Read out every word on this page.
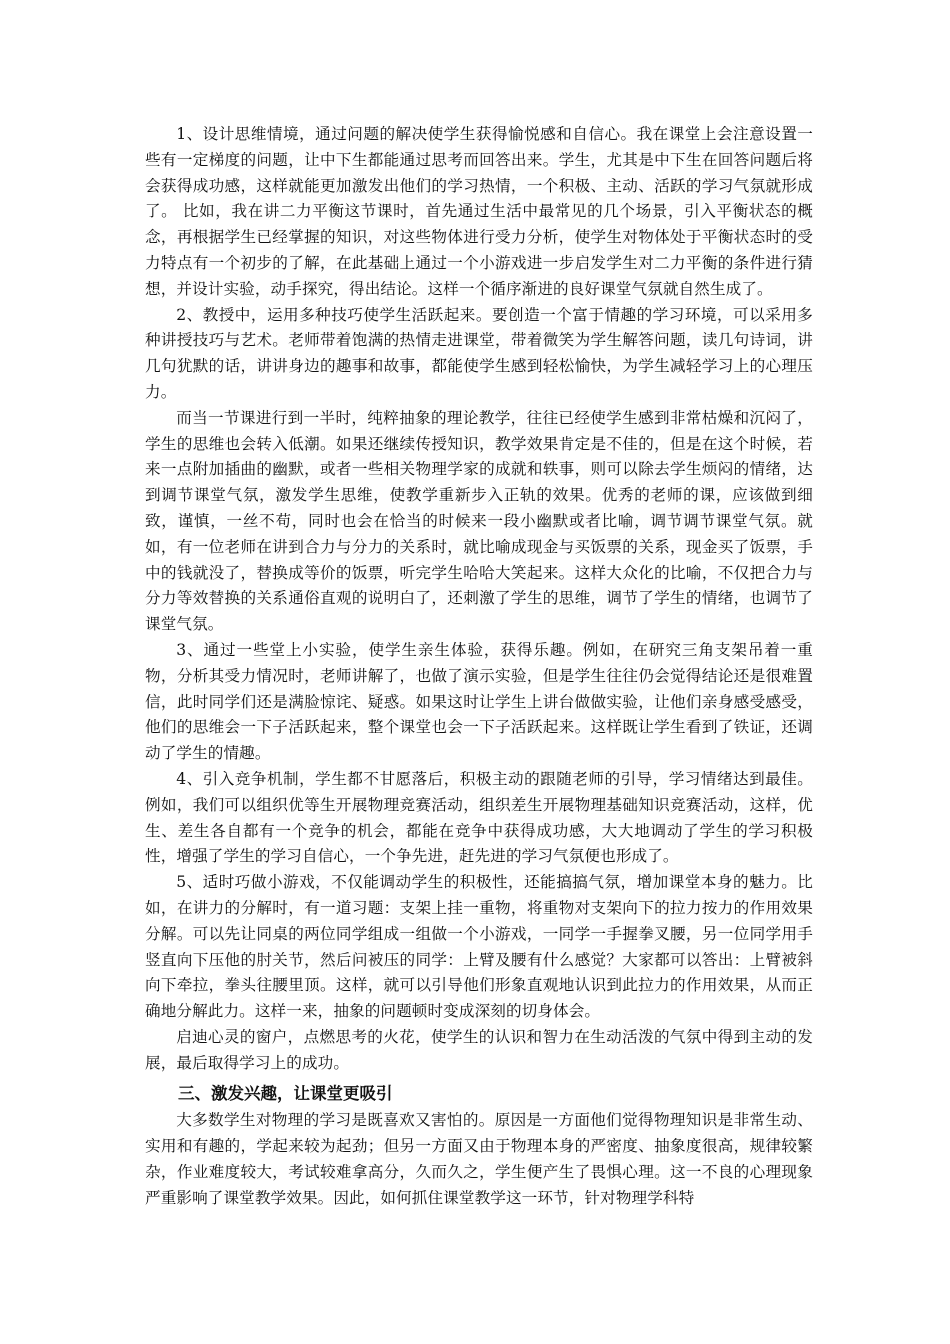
1、设计思维情境，通过问题的解决使学生获得愉悦感和自信心。我在课堂上会注意设置一些有一定梯度的问题，让中下生都能通过思考而回答出来。学生，尤其是中下生在回答问题后将会获得成功感，这样就能更加激发出他们的学习热情，一个积极、主动、活跃的学习气氛就形成了。 比如，我在讲二力平衡这节课时，首先通过生活中最常见的几个场景，引入平衡状态的概念，再根据学生已经掌握的知识，对这些物体进行受力分析，使学生对物体处于平衡状态时的受力特点有一个初步的了解，在此基础上通过一个小游戏进一步启发学生对二力平衡的条件进行猜想，并设计实验，动手探究，得出结论。这样一个循序渐进的良好课堂气氛就自然生成了。

2、教授中，运用多种技巧使学生活跃起来。要创造一个富于情趣的学习环境，可以采用多种讲授技巧与艺术。老师带着饱满的热情走进课堂，带着微笑为学生解答问题，读几句诗词，讲几句犹默的话，讲讲身边的趣事和故事，都能使学生感到轻松愉快，为学生减轻学习上的心理压力。

而当一节课进行到一半时，纯粹抽象的理论教学，往往已经使学生感到非常枯燥和沉闷了，学生的思维也会转入低潮。如果还继续传授知识，教学效果肯定是不佳的，但是在这个时候，若来一点附加插曲的幽默，或者一些相关物理学家的成就和轶事，则可以除去学生烦闷的情绪，达到调节课堂气氛，激发学生思维，使教学重新步入正轨的效果。优秀的老师的课，应该做到细致，谨慎，一丝不苟，同时也会在恰当的时候来一段小幽默或者比喻，调节调节课堂气氛。就如，有一位老师在讲到合力与分力的关系时，就比喻成现金与买饭票的关系，现金买了饭票，手中的钱就没了，替换成等价的饭票，听完学生哈哈大笑起来。这样大众化的比喻，不仅把合力与分力等效替换的关系通俗直观的说明白了，还刺激了学生的思维，调节了学生的情绪，也调节了课堂气氛。

3、通过一些堂上小实验，使学生亲生体验，获得乐趣。例如，在研究三角支架吊着一重物，分析其受力情况时，老师讲解了，也做了演示实验，但是学生往往仍会觉得结论还是很难置信，此时同学们还是满脸惊诧、疑惑。如果这时让学生上讲台做做实验，让他们亲身感受感受，他们的思维会一下子活跃起来，整个课堂也会一下子活跃起来。这样既让学生看到了铁证，还调动了学生的情趣。

4、引入竞争机制，学生都不甘愿落后，积极主动的跟随老师的引导，学习情绪达到最佳。例如，我们可以组织优等生开展物理竞赛活动，组织差生开展物理基础知识竞赛活动，这样，优生、差生各自都有一个竞争的机会，都能在竞争中获得成功感，大大地调动了学生的学习积极性，增强了学生的学习自信心，一个争先进，赶先进的学习气氛便也形成了。

5、适时巧做小游戏，不仅能调动学生的积极性，还能搞搞气氛，增加课堂本身的魅力。比如，在讲力的分解时，有一道习题：支架上挂一重物，将重物对支架向下的拉力按力的作用效果分解。可以先让同桌的两位同学组成一组做一个小游戏，一同学一手握拳叉腰，另一位同学用手竖直向下压他的肘关节，然后问被压的同学：上臂及腰有什么感觉？大家都可以答出：上臂被斜向下牵拉，拳头往腰里顶。这样，就可以引导他们形象直观地认识到此拉力的作用效果，从而正确地分解此力。这样一来，抽象的问题顿时变成深刻的切身体会。

启迪心灵的窗户，点燃思考的火花，使学生的认识和智力在生动活泼的气氛中得到主动的发展，最后取得学习上的成功。

三、激发兴趣，让课堂更吸引

大多数学生对物理的学习是既喜欢又害怕的。原因是一方面他们觉得物理知识是非常生动、实用和有趣的，学起来较为起劲；但另一方面又由于物理本身的严密度、抽象度很高，规律较繁杂，作业难度较大，考试较难拿高分，久而久之，学生便产生了畏惧心理。这一不良的心理现象严重影响了课堂教学效果。因此，如何抓住课堂教学这一环节，针对物理学科特
